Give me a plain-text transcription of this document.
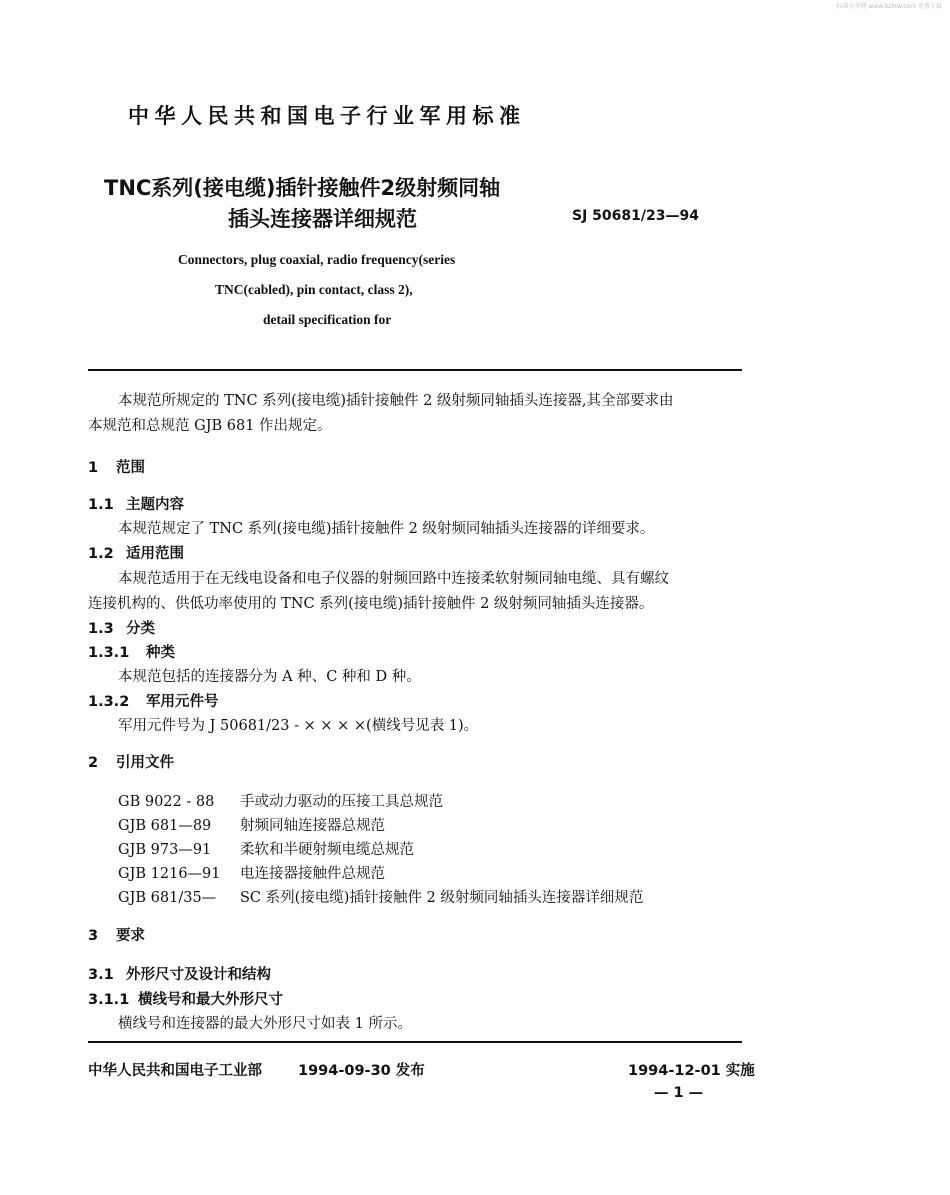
标准分享网 www.bzfxw.com 免费下载
中华人民共和国电子行业军用标准
TNC系列(接电缆)插针接触件2级射频同轴
插头连接器详细规范	SJ 50681/23—94
Connectors, plug coaxial, radio frequency(series
TNC(cabled), pin contact, class 2),
detail specification for
本规范所规定的 TNC 系列(接电缆)插针接触件 2 级射频同轴插头连接器,其全部要求由
本规范和总规范 GJB 681 作出规定。
1 范围
1.1 主题内容
本规范规定了 TNC 系列(接电缆)插针接触件 2 级射频同轴插头连接器的详细要求。
1.2 适用范围
本规范适用于在无线电设备和电子仪器的射频回路中连接柔软射频同轴电缆、具有螺纹
连接机构的、供低功率使用的 TNC 系列(接电缆)插针接触件 2 级射频同轴插头连接器。
1.3 分类
1.3.1 种类
本规范包括的连接器分为 A 种、C 种和 D 种。
1.3.2 军用元件号
军用元件号为 J 50681/23 - × × × ×(横线号见表 1)。
2 引用文件
GB 9022 - 88 手或动力驱动的压接工具总规范
GJB 681—89 射频同轴连接器总规范
GJB 973—91 柔软和半硬射频电缆总规范
GJB 1216—91 电连接器接触件总规范
GJB 681/35— SC 系列(接电缆)插针接触件 2 级射频同轴插头连接器详细规范
3 要求
3.1 外形尺寸及设计和结构
3.1.1 横线号和最大外形尺寸
横线号和连接器的最大外形尺寸如表 1 所示。
中华人民共和国电子工业部 1994-09-30 发布	1994-12-01 实施
— 1 —
